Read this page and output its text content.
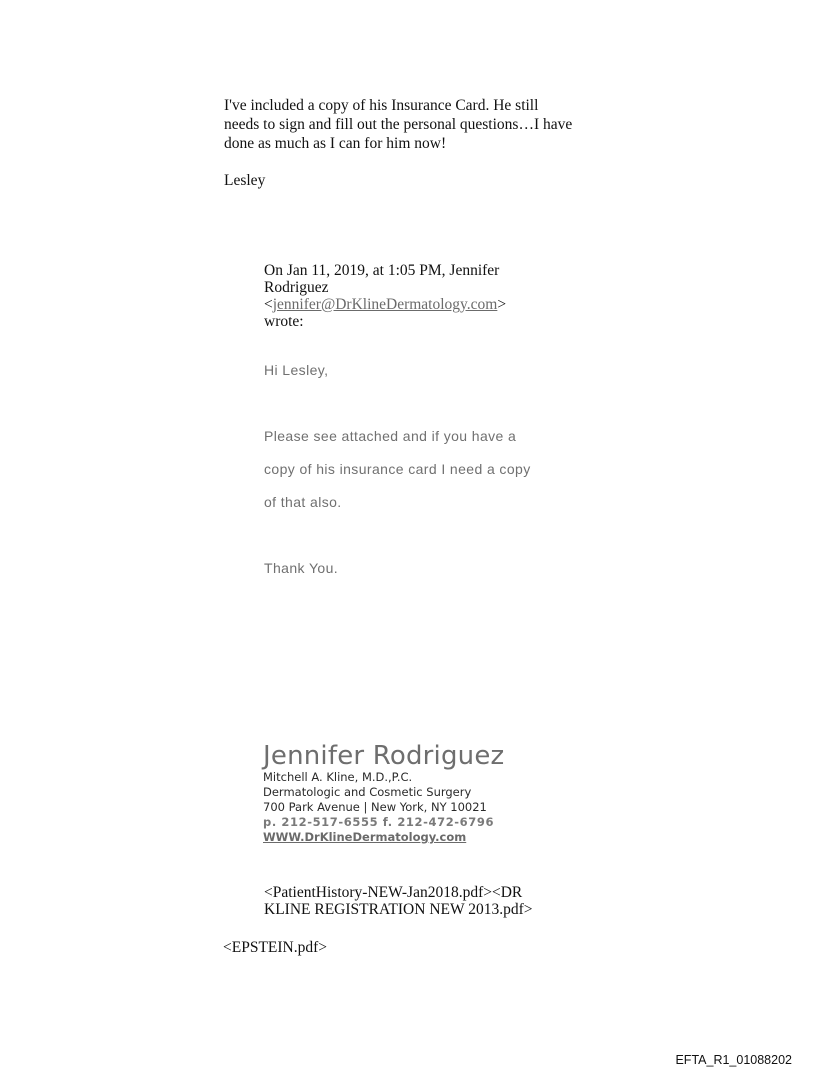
I've included a copy of his Insurance Card. He still
needs to sign and fill out the personal questions…I have
done as much as I can for him now!

Lesley
On Jan 11, 2019, at 1:05 PM, Jennifer
Rodriguez
<jennifer@DrKlineDermatology.com>
wrote:
Hi Lesley,
Please see attached and if you have a
copy of his insurance card I need a copy
of that also.
Thank You.
Jennifer Rodriguez
Mitchell A. Kline, M.D.,P.C.
Dermatologic and Cosmetic Surgery
700 Park Avenue | New York, NY 10021
p. 212-517-6555 f. 212-472-6796
WWW.DrKlineDermatology.com
<PatientHistory-NEW-Jan2018.pdf><DR
KLINE REGISTRATION NEW 2013.pdf>
<EPSTEIN.pdf>
EFTA_R1_01088202
